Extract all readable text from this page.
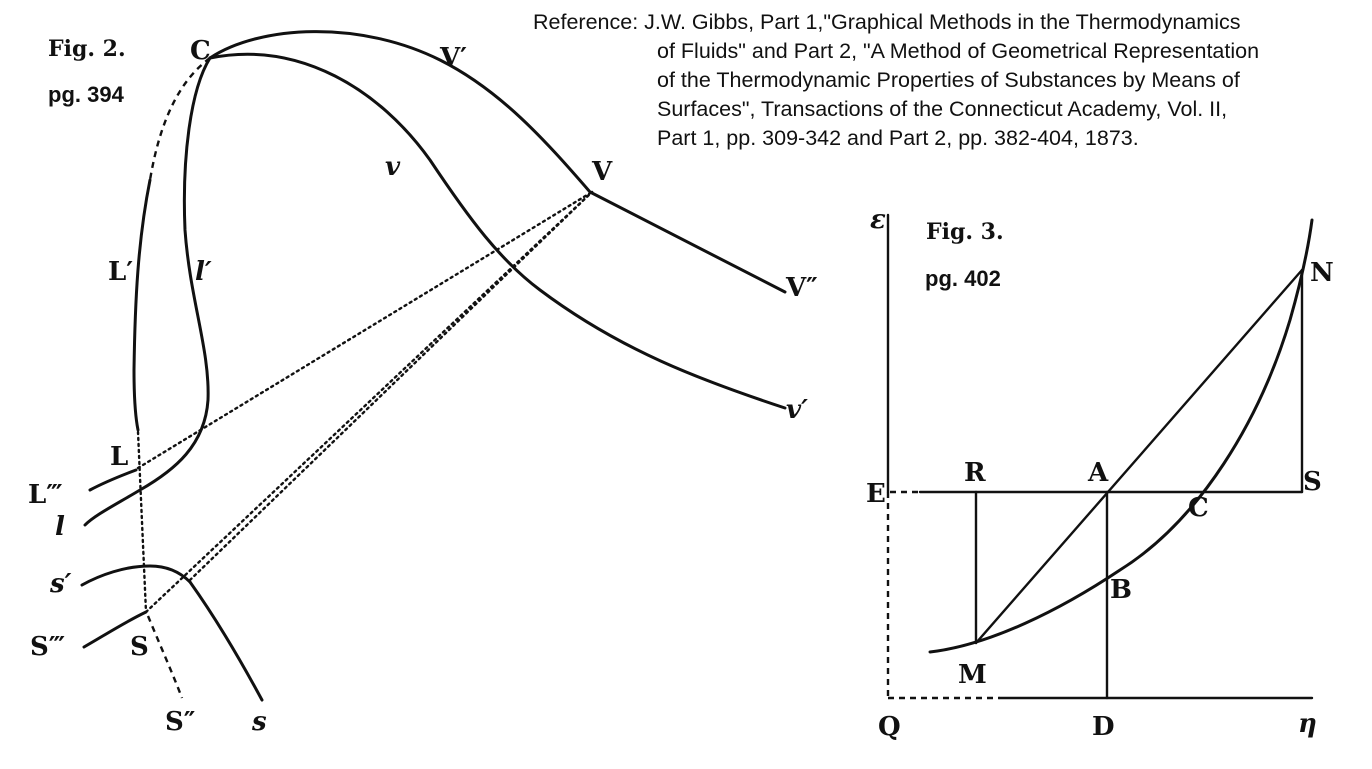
Reference: J.W. Gibbs, Part 1,"Graphical Methods in the Thermodynamics
of Fluids" and Part 2, "A Method of Geometrical Representation
of the Thermodynamic Properties of Substances by Means of
Surfaces", Transactions of the Connecticut Academy, Vol. II,
Part 1, pp. 309-342 and Part 2, pp. 382-404, 1873.
Fig. 2.
pg. 394
Fig. 3.
pg. 402
C	V′
v	V
V″
v′
L′ l′
L
L‴
l
s′
S‴ S
S″ s
ε
η
N
E
R	A	S
C
B
M
Q	D
